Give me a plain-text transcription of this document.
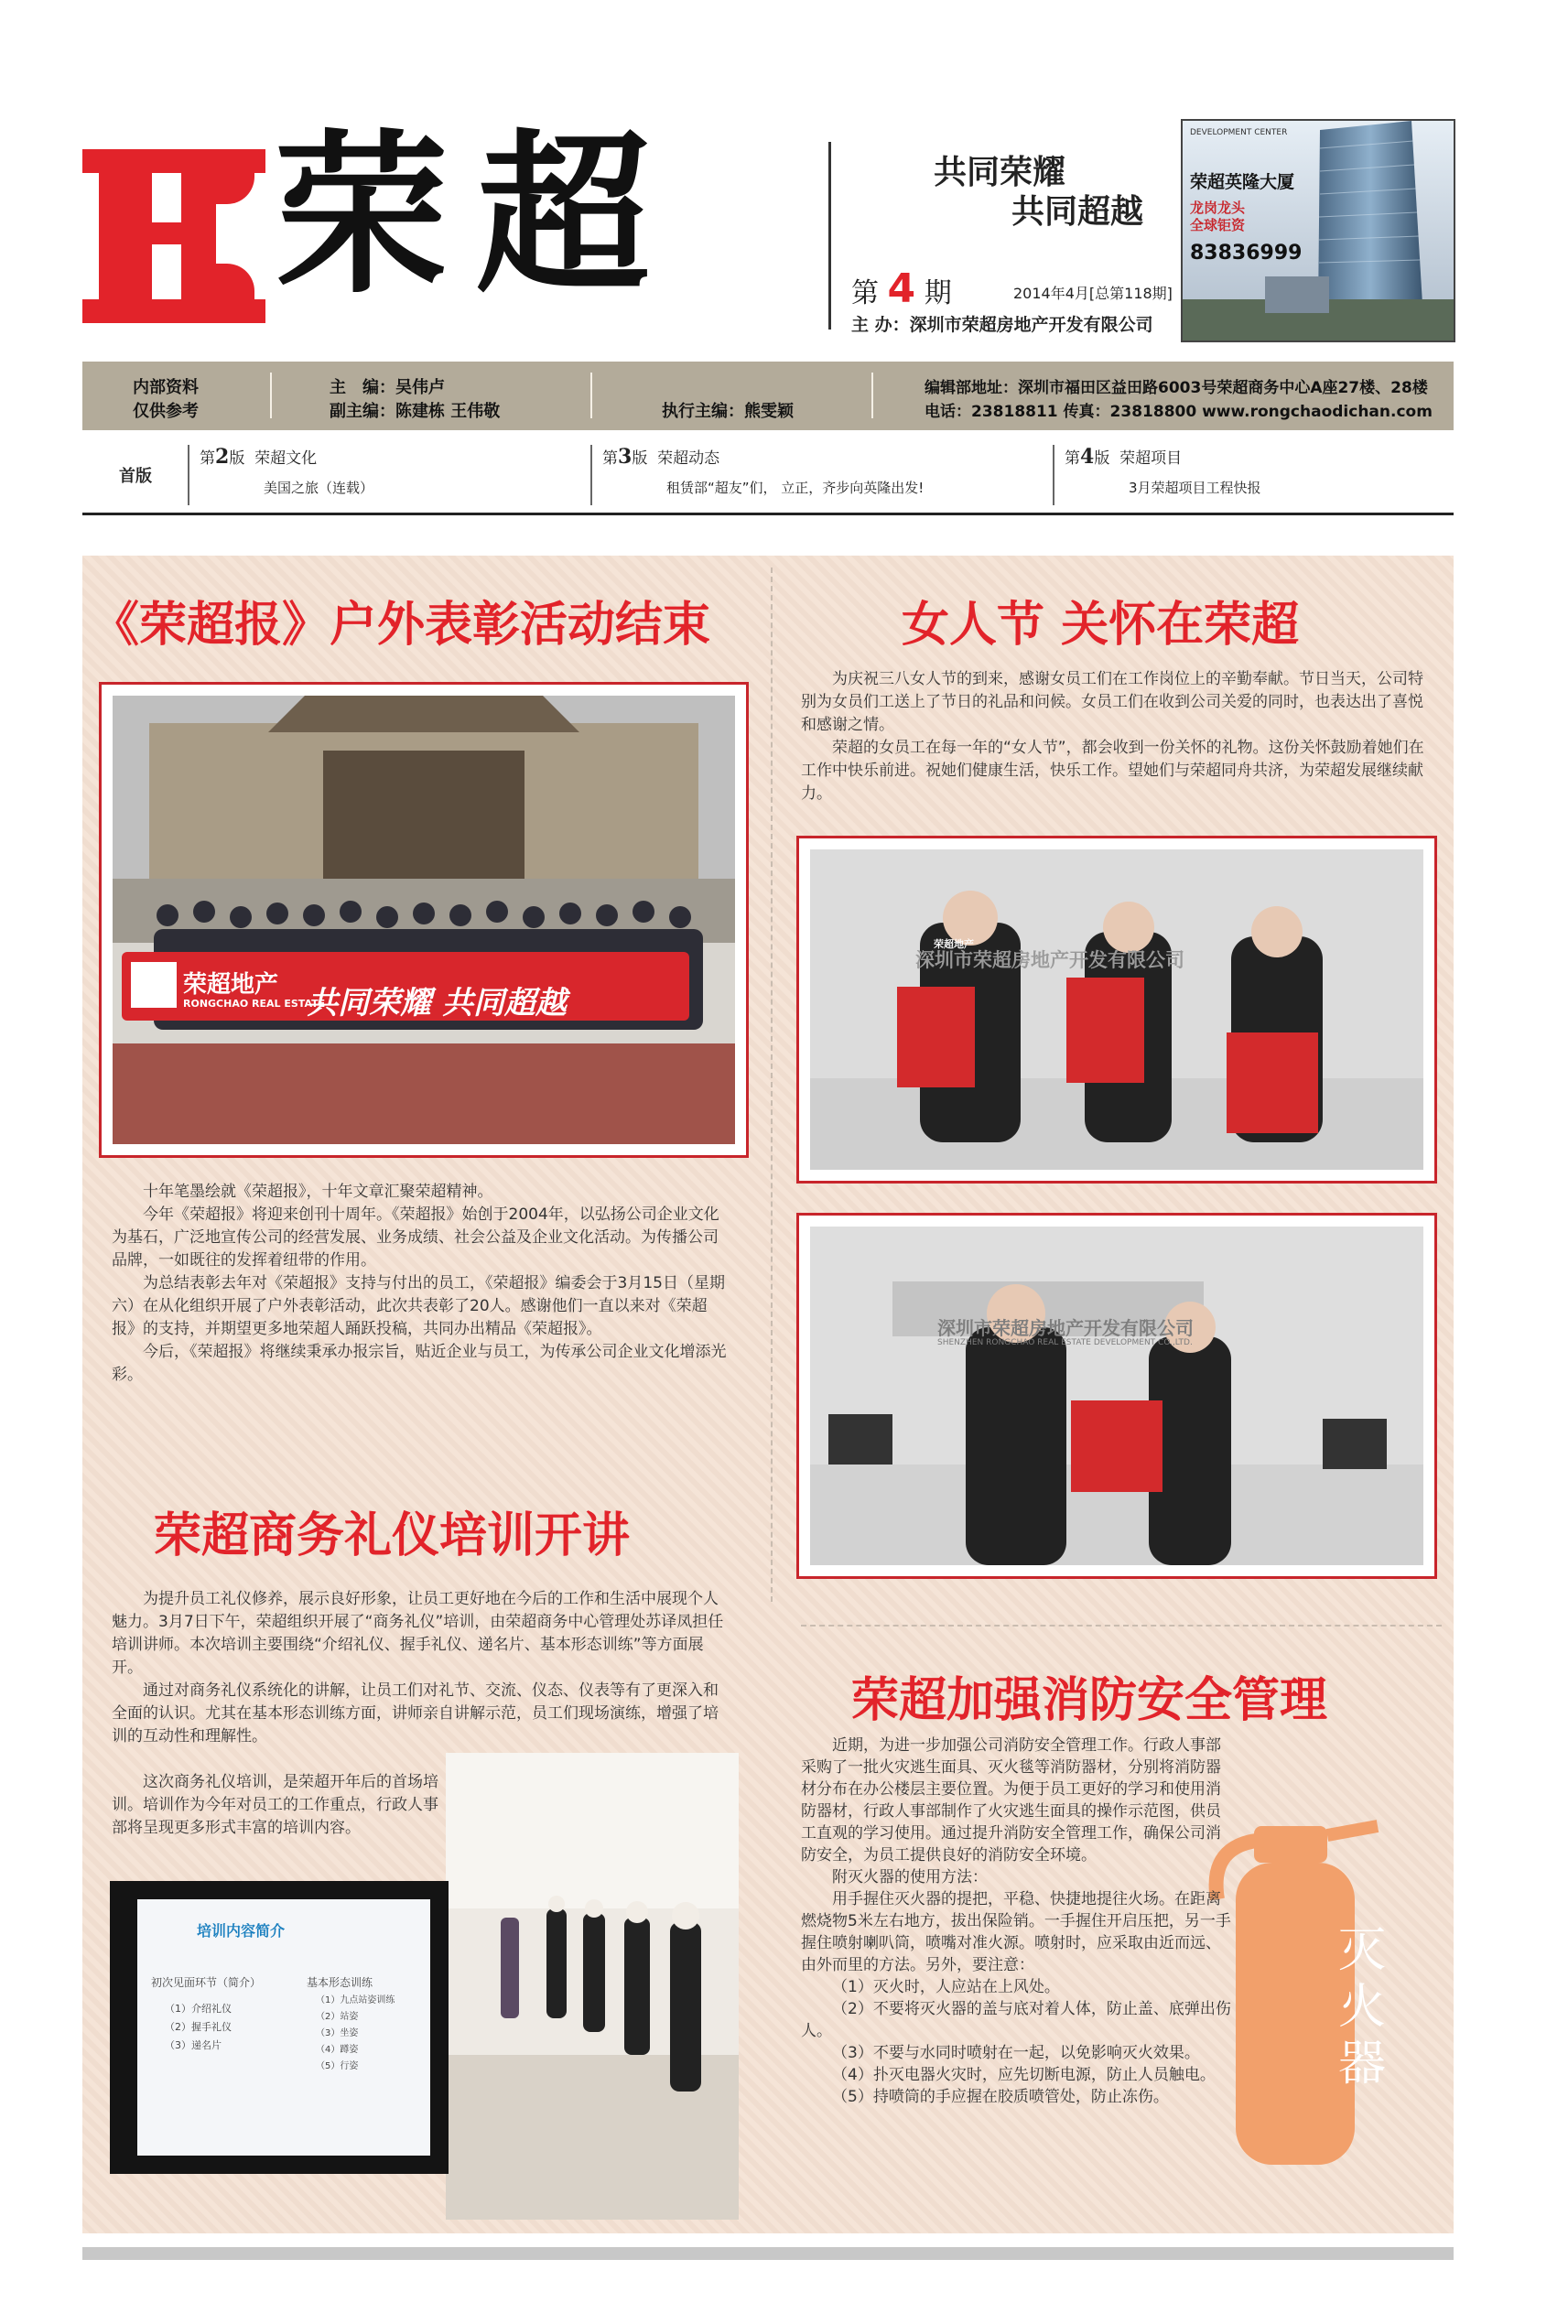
荣超	共同荣耀
共同超越
第 4 期	2014年4月[总第118期]
主 办：深圳市荣超房地产开发有限公司
DEVELOPMENT CENTER
荣超英隆大厦
龙岗龙头 全球钜资
83836999
内部资料
仅供参考
主　编：吴伟卢
副主编：陈建栋 王伟敬	执行主编：熊雯颖
编辑部地址：深圳市福田区益田路6003号荣超商务中心A座27楼、28楼
电话：23818811 传真：23818800 www.rongchaodichan.com
首版
第2版 荣超文化
美国之旅（连载）
第3版 荣超动态
租赁部“超友”们， 立正，齐步向英隆出发!
第4版 荣超项目
3月荣超项目工程快报
《荣超报》户外表彰活动结束
荣超地产
RONGCHAO REAL ESTATE
共同荣耀 共同超越

十年笔墨绘就《荣超报》，十年文章汇聚荣超精神。

今年《荣超报》将迎来创刊十周年。《荣超报》始创于2004年，以弘扬公司企业文化为基石，广泛地宣传公司的经营发展、业务成绩、社会公益及企业文化活动。为传播公司品牌，一如既往的发挥着纽带的作用。

为总结表彰去年对《荣超报》支持与付出的员工，《荣超报》编委会于3月15日（星期六）在从化组织开展了户外表彰活动，此次共表彰了20人。感谢他们一直以来对《荣超报》的支持，并期望更多地荣超人踊跃投稿，共同办出精品《荣超报》。

今后，《荣超报》将继续秉承办报宗旨，贴近企业与员工，为传承公司企业文化增添光彩。

荣超商务礼仪培训开讲

为提升员工礼仪修养，展示良好形象，让员工更好地在今后的工作和生活中展现个人魅力。3月7日下午，荣超组织开展了“商务礼仪”培训，由荣超商务中心管理处苏译凤担任培训讲师。本次培训主要围绕“介绍礼仪、握手礼仪、递名片、基本形态训练”等方面展开。

通过对商务礼仪系统化的讲解，让员工们对礼节、交流、仪态、仪表等有了更深入和全面的认识。尤其在基本形态训练方面，讲师亲自讲解示范，员工们现场演练，增强了培训的互动性和理解性。

这次商务礼仪培训，是荣超开年后的首场培训。培训作为今年对员工的工作重点，行政人事部将呈现更多形式丰富的培训内容。

培训内容简介
初次见面环节（简介）
（1）介绍礼仪
（2）握手礼仪
（3）递名片
基本形态训练
（1）九点站姿训练
（2）站姿
（3）坐姿
（4）蹲姿
（5）行姿
女人节 关怀在荣超

为庆祝三八女人节的到来，感谢女员工们在工作岗位上的辛勤奉献。节日当天，公司特别为女员们工送上了节日的礼品和问候。女员工们在收到公司关爱的同时，也表达出了喜悦和感谢之情。

荣超的女员工在每一年的“女人节”，都会收到一份关怀的礼物。这份关怀鼓励着她们在工作中快乐前进。祝她们健康生活，快乐工作。望她们与荣超同舟共济，为荣超发展继续献力。

荣超地产
深圳市荣超房地产开发有限公司
深圳市荣超房地产开发有限公司
SHENZHEN RONGCHAO REAL ESTATE DEVELOPMENT CO.,LTD.
荣超加强消防安全管理
灭火器

近期，为进一步加强公司消防安全管理工作。行政人事部采购了一批火灾逃生面具、灭火毯等消防器材，分别将消防器材分布在办公楼层主要位置。为便于员工更好的学习和使用消防器材，行政人事部制作了火灾逃生面具的操作示范图，供员工直观的学习使用。通过提升消防安全管理工作，确保公司消防安全，为员工提供良好的消防安全环境。

附灭火器的使用方法：

用手握住灭火器的提把，平稳、快捷地提往火场。在距离燃烧物5米左右地方，拔出保险销。一手握住开启压把，另一手握住喷射喇叭筒，喷嘴对准火源。喷射时，应采取由近而远、由外而里的方法。另外，要注意：

（1）灭火时，人应站在上风处。

（2）不要将灭火器的盖与底对着人体，防止盖、底弹出伤人。

（3）不要与水同时喷射在一起，以免影响灭火效果。

（4）扑灭电器火灾时，应先切断电源，防止人员触电。

（5）持喷筒的手应握在胶质喷管处，防止冻伤。
